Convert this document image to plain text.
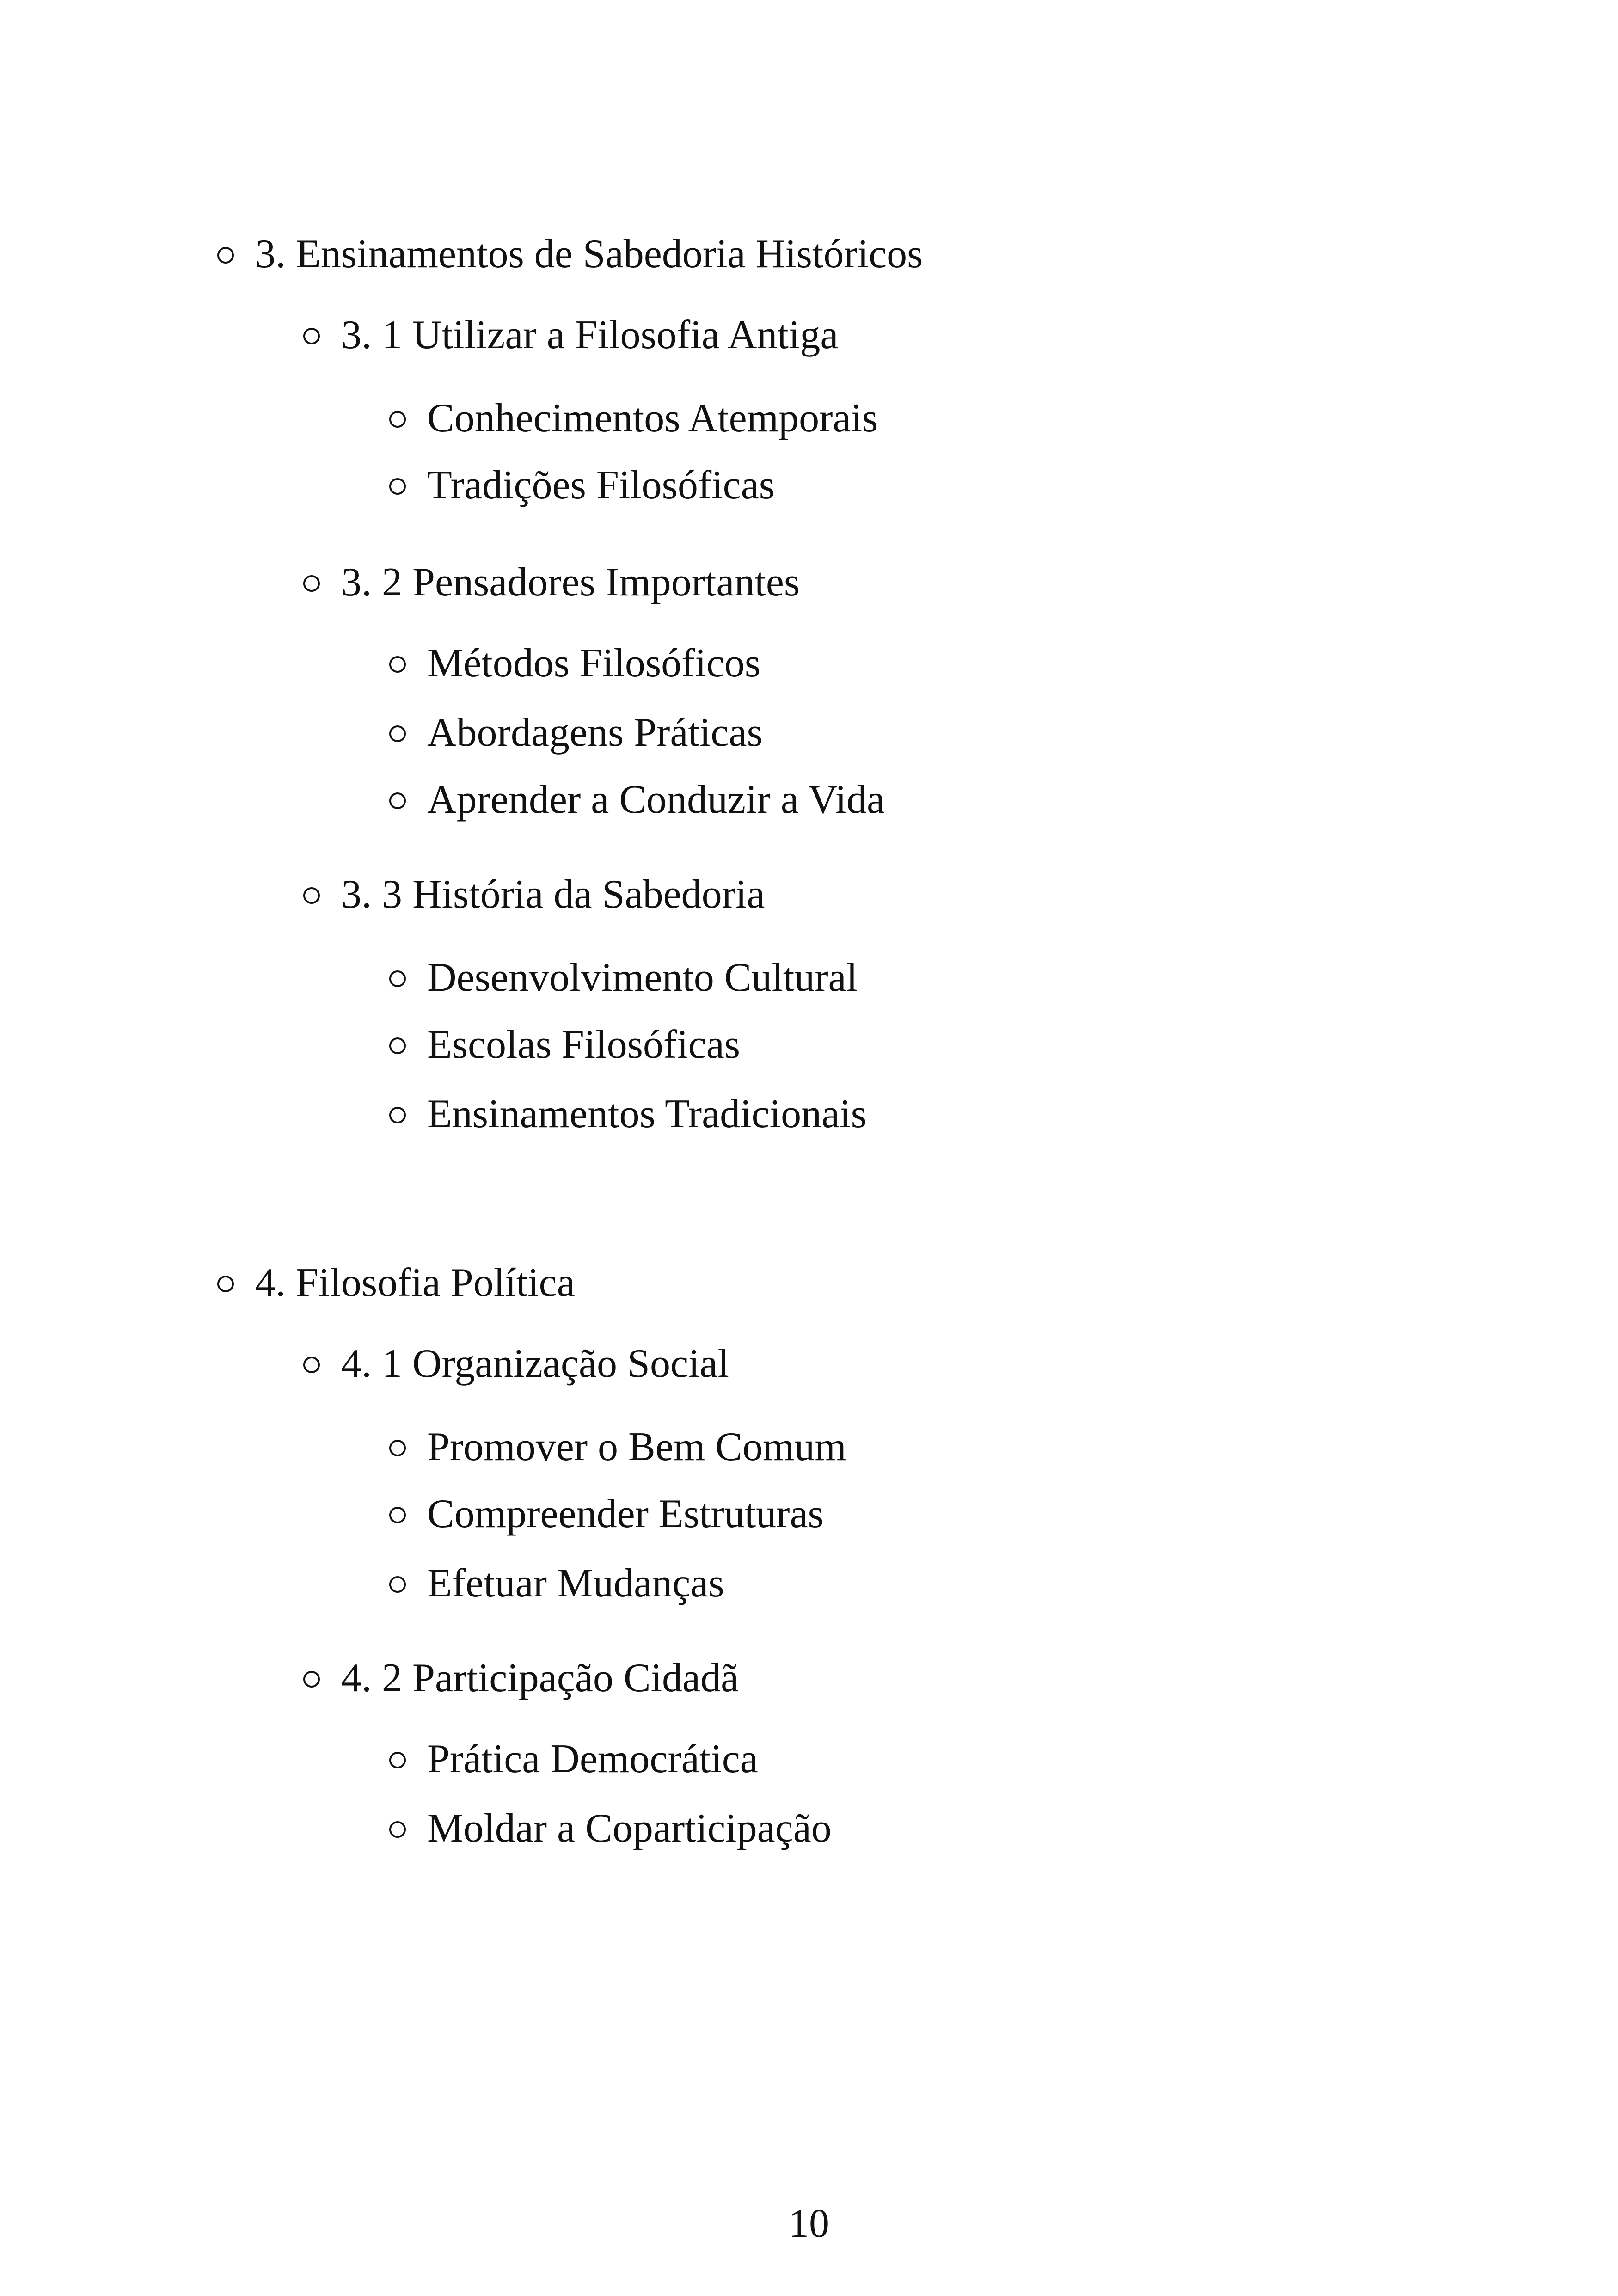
3. Ensinamentos de Sabedoria Históricos
3. 1 Utilizar a Filosofia Antiga
Conhecimentos Atemporais
Tradições Filosóficas
3. 2 Pensadores Importantes
Métodos Filosóficos
Abordagens Práticas
Aprender a Conduzir a Vida
3. 3 História da Sabedoria
Desenvolvimento Cultural
Escolas Filosóficas
Ensinamentos Tradicionais
4. Filosofia Política
4. 1 Organização Social
Promover o Bem Comum
Compreender Estruturas
Efetuar Mudanças
4. 2 Participação Cidadã
Prática Democrática
Moldar a Coparticipação
10
